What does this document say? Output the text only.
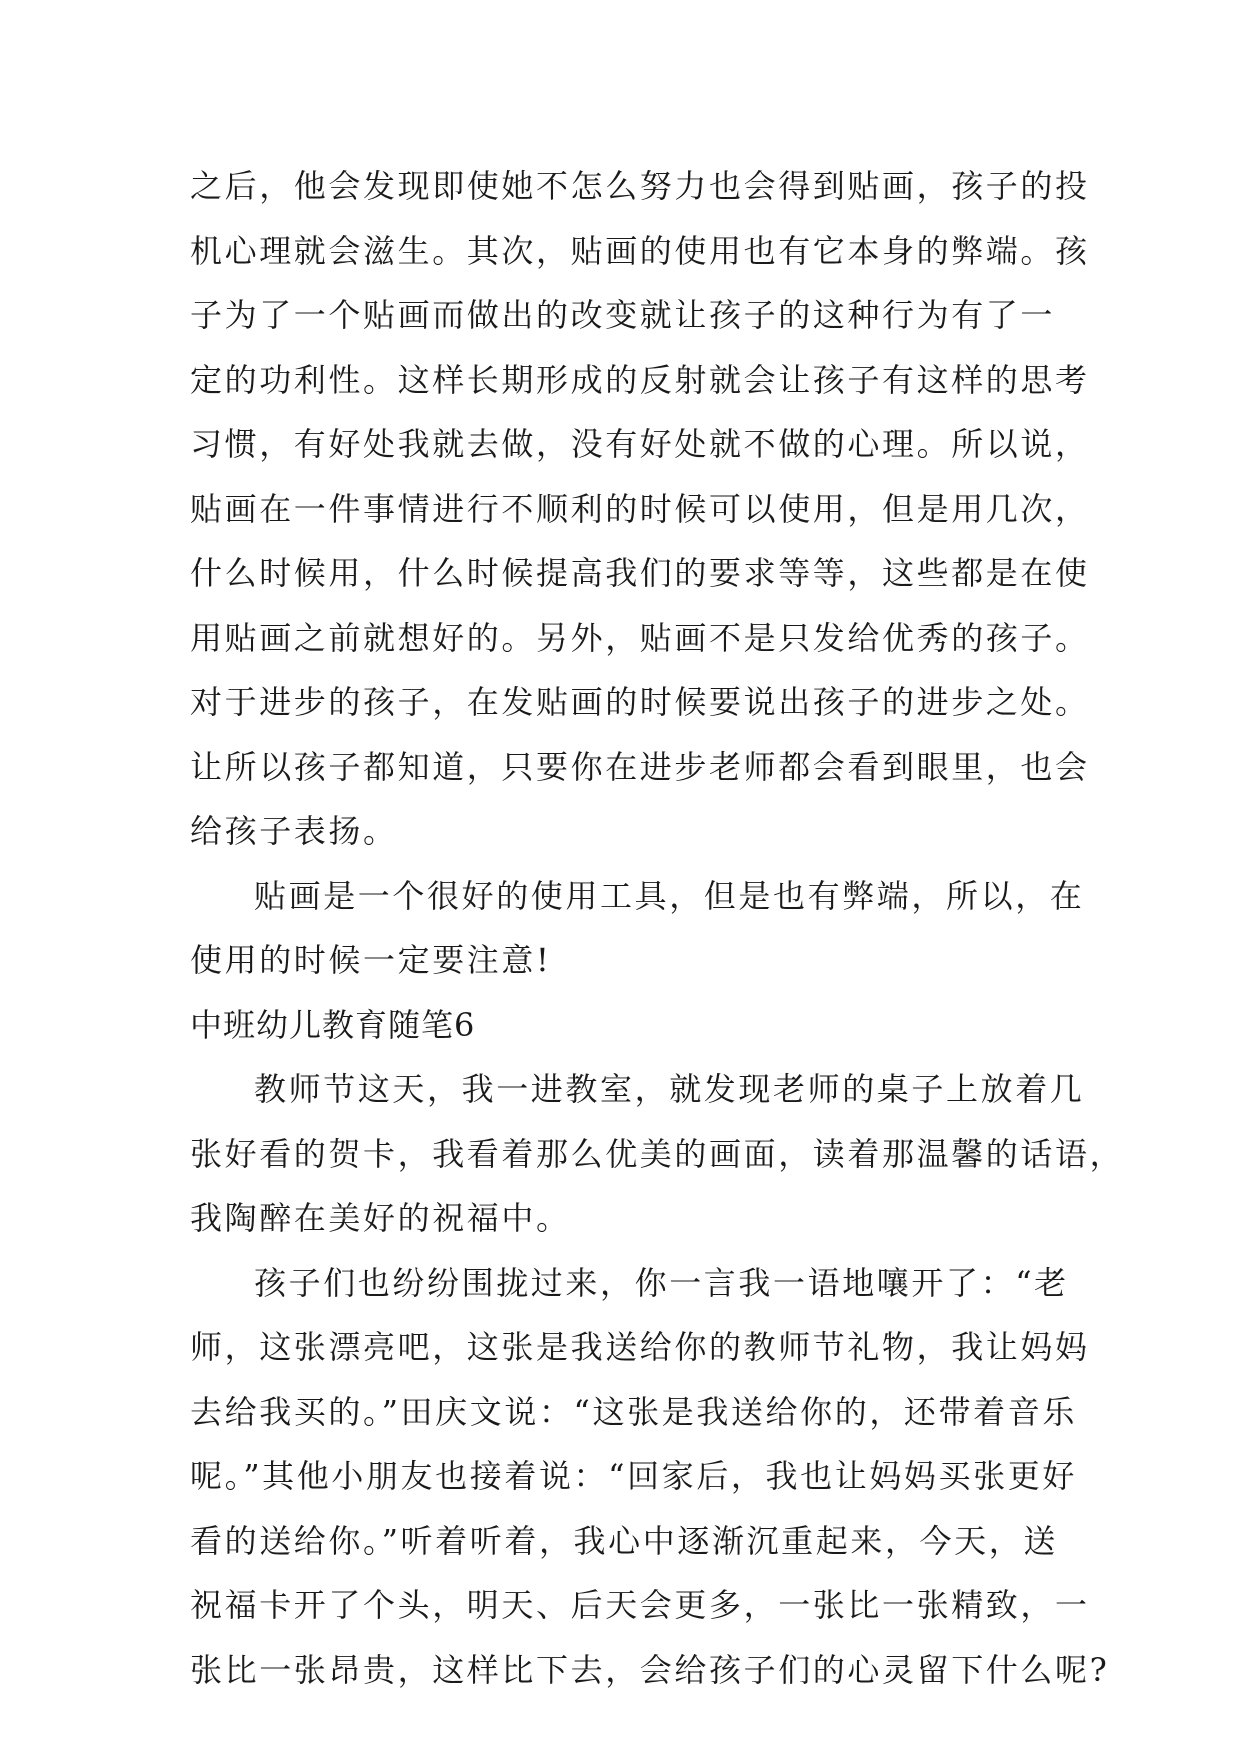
之后，他会发现即使她不怎么努力也会得到贴画，孩子的投
机心理就会滋生。其次，贴画的使用也有它本身的弊端。孩
子为了一个贴画而做出的改变就让孩子的这种行为有了一
定的功利性。这样长期形成的反射就会让孩子有这样的思考
习惯，有好处我就去做，没有好处就不做的心理。所以说，
贴画在一件事情进行不顺利的时候可以使用，但是用几次，
什么时候用，什么时候提高我们的要求等等，这些都是在使
用贴画之前就想好的。另外，贴画不是只发给优秀的孩子。
对于进步的孩子，在发贴画的时候要说出孩子的进步之处。
让所以孩子都知道，只要你在进步老师都会看到眼里，也会
给孩子表扬。
贴画是一个很好的使用工具，但是也有弊端，所以，在
使用的时候一定要注意!
中班幼儿教育随笔6
教师节这天，我一进教室，就发现老师的桌子上放着几
张好看的贺卡，我看着那么优美的画面，读着那温馨的话语，
我陶醉在美好的祝福中。
孩子们也纷纷围拢过来，你一言我一语地嚷开了：“老
师，这张漂亮吧，这张是我送给你的教师节礼物，我让妈妈
去给我买的。”田庆文说：“这张是我送给你的，还带着音乐
呢。”其他小朋友也接着说：“回家后，我也让妈妈买张更好
看的送给你。”听着听着，我心中逐渐沉重起来，今天，送
祝福卡开了个头，明天、后天会更多，一张比一张精致，一
张比一张昂贵，这样比下去，会给孩子们的心灵留下什么呢?
